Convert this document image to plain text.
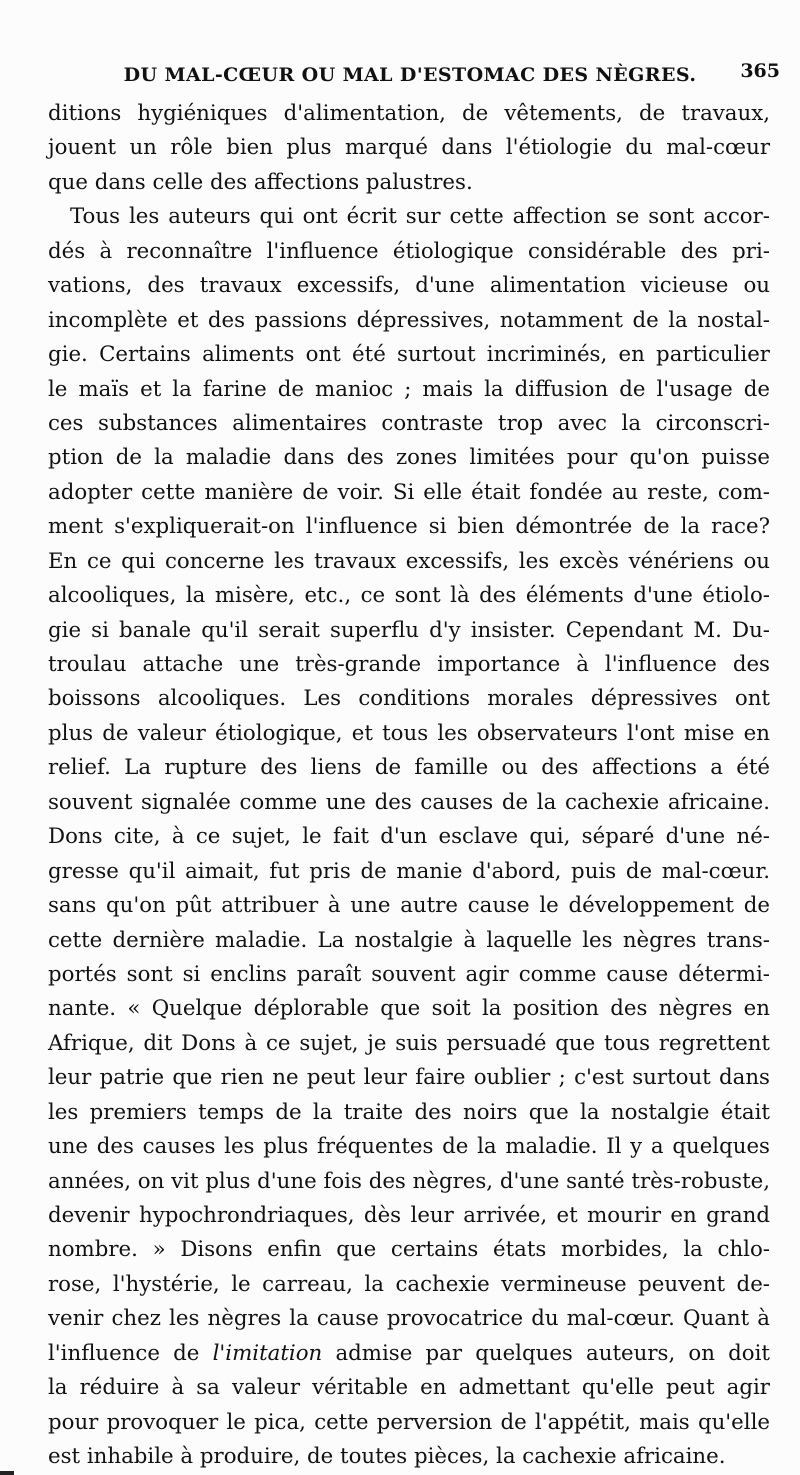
DU MAL-CŒUR OU MAL D'ESTOMAC DES NÈGRES.	365
ditions hygiéniques d'alimentation, de vêtements, de travaux,
jouent un rôle bien plus marqué dans l'étiologie du mal-cœur
que dans celle des affections palustres.
Tous les auteurs qui ont écrit sur cette affection se sont accor-
dés à reconnaître l'influence étiologique considérable des pri-
vations, des travaux excessifs, d'une alimentation vicieuse ou
incomplète et des passions dépressives, notamment de la nostal-
gie. Certains aliments ont été surtout incriminés, en particulier
le maïs et la farine de manioc ; mais la diffusion de l'usage de
ces substances alimentaires contraste trop avec la circonscri-
ption de la maladie dans des zones limitées pour qu'on puisse
adopter cette manière de voir. Si elle était fondée au reste, com-
ment s'expliquerait-on l'influence si bien démontrée de la race?
En ce qui concerne les travaux excessifs, les excès vénériens ou
alcooliques, la misère, etc., ce sont là des éléments d'une étiolo-
gie si banale qu'il serait superflu d'y insister. Cependant M. Du-
troulau attache une très-grande importance à l'influence des
boissons alcooliques. Les conditions morales dépressives ont
plus de valeur étiologique, et tous les observateurs l'ont mise en
relief. La rupture des liens de famille ou des affections a été
souvent signalée comme une des causes de la cachexie africaine.
Dons cite, à ce sujet, le fait d'un esclave qui, séparé d'une né-
gresse qu'il aimait, fut pris de manie d'abord, puis de mal-cœur.
sans qu'on pût attribuer à une autre cause le développement de
cette dernière maladie. La nostalgie à laquelle les nègres trans-
portés sont si enclins paraît souvent agir comme cause détermi-
nante. « Quelque déplorable que soit la position des nègres en
Afrique, dit Dons à ce sujet, je suis persuadé que tous regrettent
leur patrie que rien ne peut leur faire oublier ; c'est surtout dans
les premiers temps de la traite des noirs que la nostalgie était
une des causes les plus fréquentes de la maladie. Il y a quelques
années, on vit plus d'une fois des nègres, d'une santé très-robuste,
devenir hypochrondriaques, dès leur arrivée, et mourir en grand
nombre. » Disons enfin que certains états morbides, la chlo-
rose, l'hystérie, le carreau, la cachexie vermineuse peuvent de-
venir chez les nègres la cause provocatrice du mal-cœur. Quant à
l'influence de l'imitation admise par quelques auteurs, on doit
la réduire à sa valeur véritable en admettant qu'elle peut agir
pour provoquer le pica, cette perversion de l'appétit, mais qu'elle
est inhabile à produire, de toutes pièces, la cachexie africaine.
